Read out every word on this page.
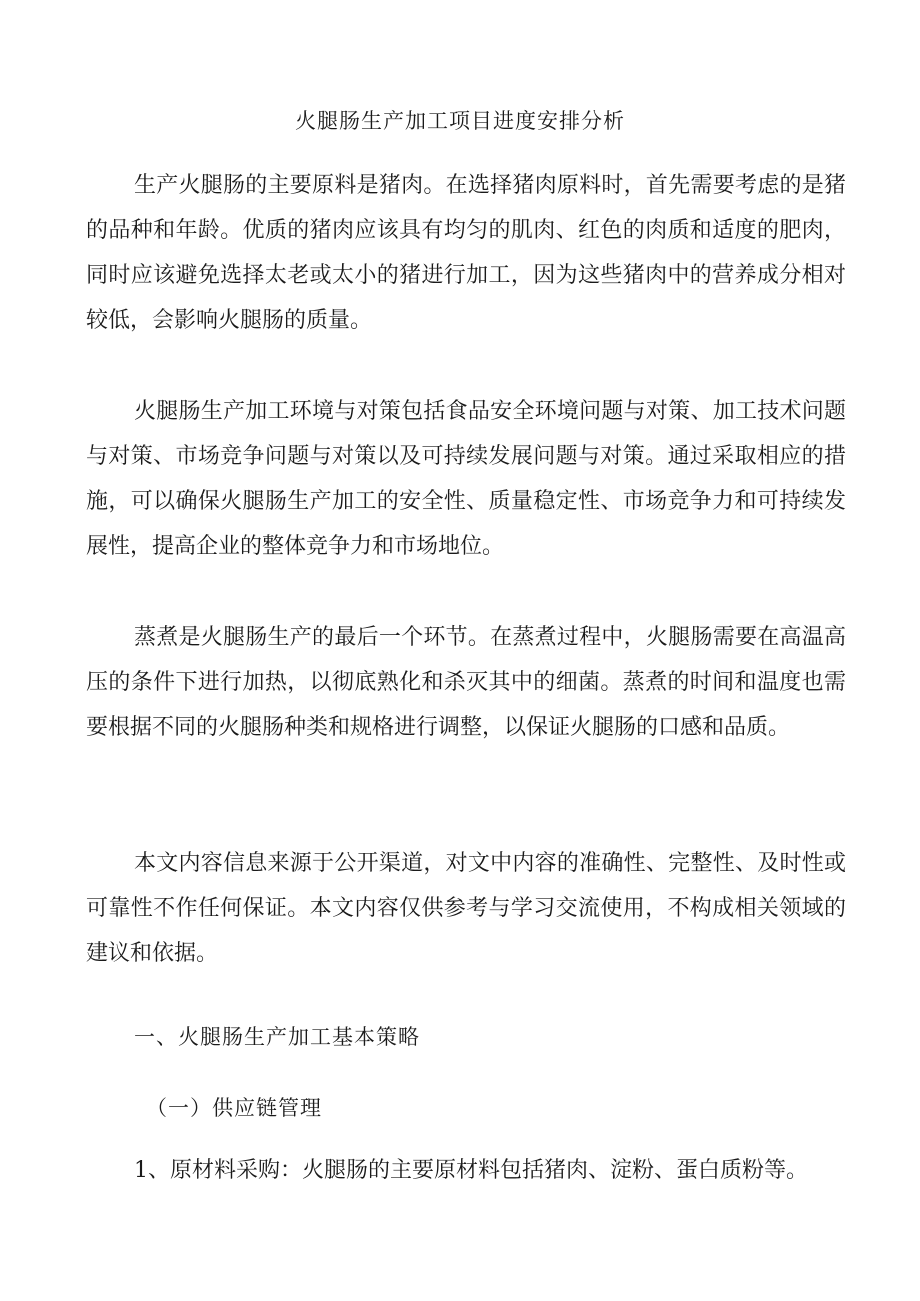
火腿肠生产加工项目进度安排分析

生产火腿肠的主要原料是猪肉。在选择猪肉原料时，首先需要考虑的是猪的品种和年龄。优质的猪肉应该具有均匀的肌肉、红色的肉质和适度的肥肉，同时应该避免选择太老或太小的猪进行加工，因为这些猪肉中的营养成分相对较低，会影响火腿肠的质量。

火腿肠生产加工环境与对策包括食品安全环境问题与对策、加工技术问题与对策、市场竞争问题与对策以及可持续发展问题与对策。通过采取相应的措施，可以确保火腿肠生产加工的安全性、质量稳定性、市场竞争力和可持续发展性，提高企业的整体竞争力和市场地位。

蒸煮是火腿肠生产的最后一个环节。在蒸煮过程中，火腿肠需要在高温高压的条件下进行加热，以彻底熟化和杀灭其中的细菌。蒸煮的时间和温度也需要根据不同的火腿肠种类和规格进行调整，以保证火腿肠的口感和品质。

本文内容信息来源于公开渠道，对文中内容的准确性、完整性、及时性或可靠性不作任何保证。本文内容仅供参考与学习交流使用，不构成相关领域的建议和依据。

一、火腿肠生产加工基本策略
（一）供应链管理
1、原材料采购：火腿肠的主要原材料包括猪肉、淀粉、蛋白质粉等。
